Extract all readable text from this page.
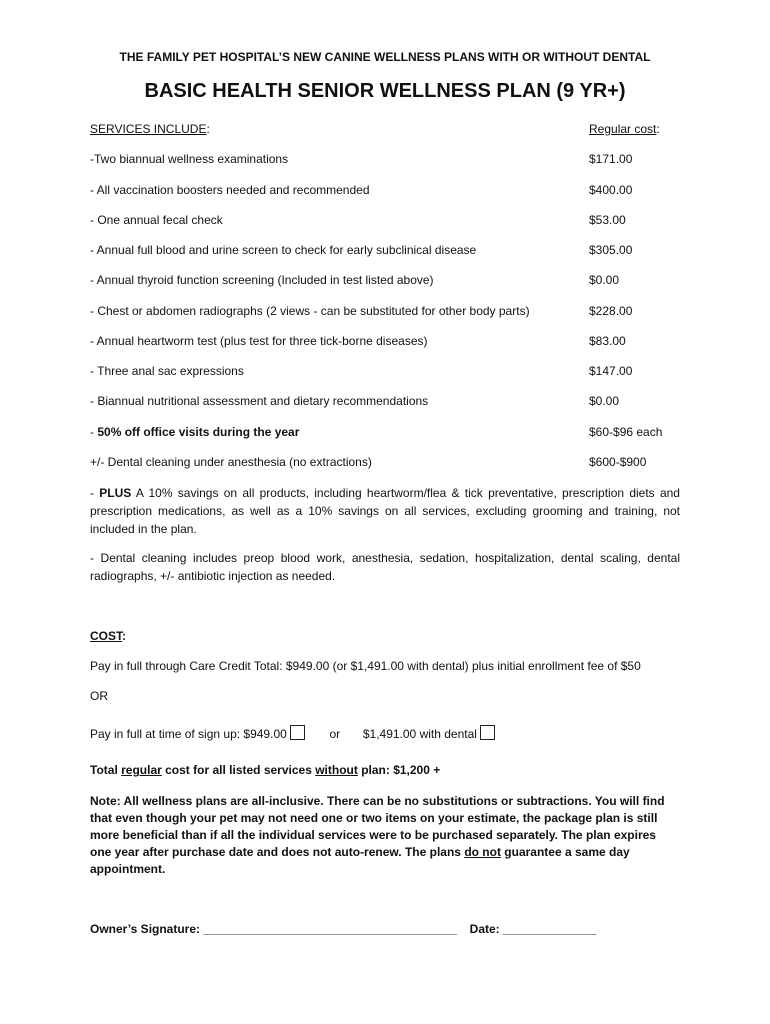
THE FAMILY PET HOSPITAL’S NEW CANINE WELLNESS PLANS WITH OR WITHOUT DENTAL
BASIC HEALTH SENIOR WELLNESS PLAN (9 YR+)
SERVICES INCLUDE:	Regular cost:
-Two biannual wellness examinations	$171.00
- All vaccination boosters needed and recommended	$400.00
- One annual fecal check	$53.00
- Annual full blood and urine screen to check for early subclinical disease	$305.00
- Annual thyroid function screening (Included in test listed above)	$0.00
- Chest or abdomen radiographs (2 views - can be substituted for other body parts)	$228.00
- Annual heartworm test (plus test for three tick-borne diseases)	$83.00
- Three anal sac expressions	$147.00
- Biannual nutritional assessment and dietary recommendations	$0.00
- 50% off office visits during the year	$60-$96 each
+/- Dental cleaning under anesthesia (no extractions)	$600-$900
- PLUS A 10% savings on all products, including heartworm/flea & tick preventative, prescription diets and prescription medications, as well as a 10% savings on all services, excluding grooming and training, not included in the plan.
- Dental cleaning includes preop blood work, anesthesia, sedation, hospitalization, dental scaling, dental radiographs, +/- antibiotic injection as needed.
COST:
Pay in full through Care Credit Total: $949.00 (or $1,491.00 with dental) plus initial enrollment fee of $50
OR
Pay in full at time of sign up: $949.00	or $1,491.00 with dental
Total regular cost for all listed services without plan: $1,200 +
Note: All wellness plans are all-inclusive. There can be no substitutions or subtractions. You will find that even though your pet may not need one or two items on your estimate, the package plan is still more beneficial than if all the individual services were to be purchased separately. The plan expires one year after purchase date and does not auto-renew. The plans do not guarantee a same day appointment.
Owner’s Signature: ______________________________________ Date: ______________
